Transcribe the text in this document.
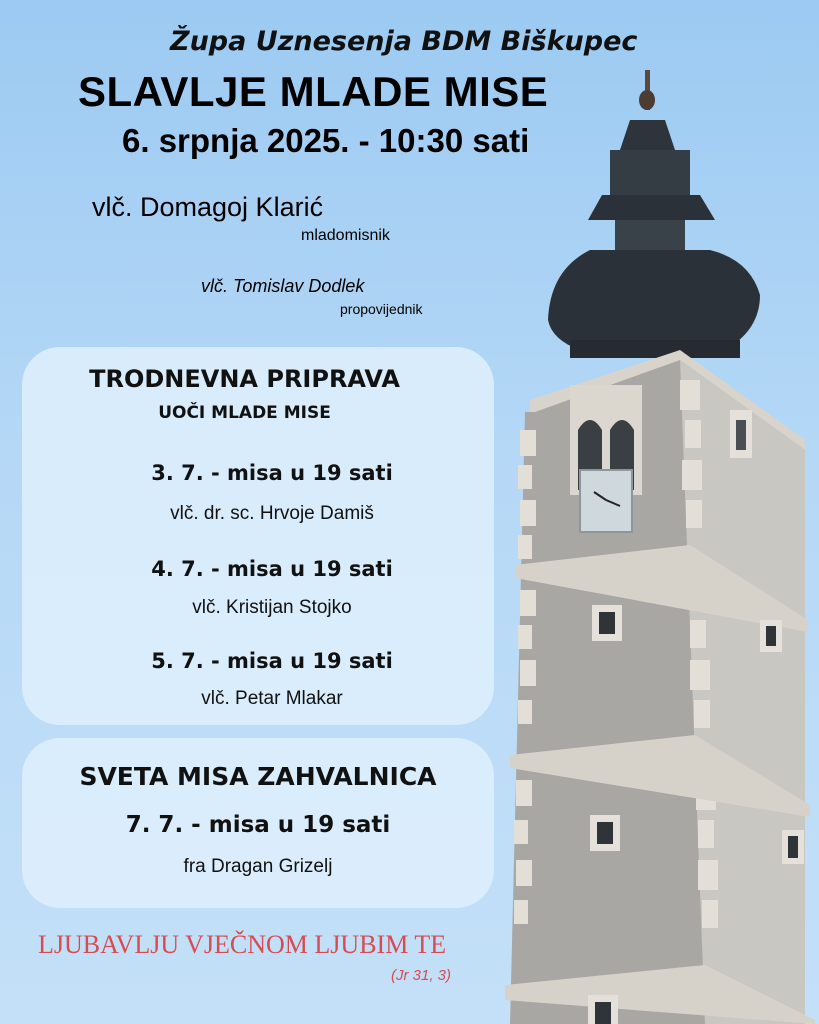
Župa Uznesenja BDM Biškupec
SLAVLJE MLADE MISE
6. srpnja 2025. - 10:30 sati
vlč. Domagoj Klarić
mladomisnik
vlč. Tomislav Dodlek
propovijednik
TRODNEVNA PRIPRAVA
UOČI MLADE MISE
3. 7. - misa u 19 sati
vlč. dr. sc. Hrvoje Damiš
4. 7. - misa u 19 sati
vlč. Kristijan Stojko
5. 7. - misa u 19 sati
vlč. Petar Mlakar
SVETA MISA ZAHVALNICA
7. 7. - misa u 19 sati
fra Dragan Grizelj
LJUBAVLJU VJEČNOM LJUBIM TE
(Jr 31, 3)
